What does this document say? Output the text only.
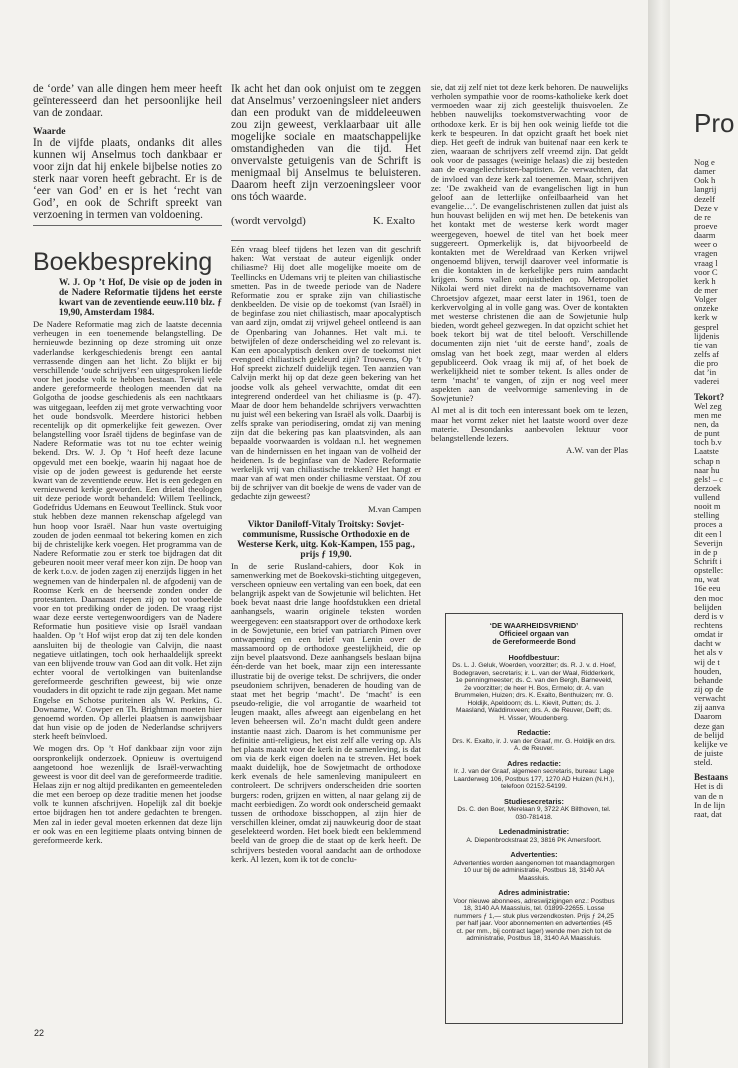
de ‘orde’ van alle dingen hem meer heeft geïnteresseerd dan het persoonlijke heil van de zondaar.

Waarde

In de vijfde plaats, ondanks dit alles kunnen wij Anselmus toch dankbaar er voor zijn dat hij enkele bijbelse noties zo sterk naar voren heeft gebracht. Er is de ‘eer van God’ en er is het ‘recht van God’, en ook de Schrift spreekt van verzoening in termen van voldoening.

Boekbespreking
W. J. Op ’t Hof, De visie op de joden in de Nadere Reformatie tijdens het eerste kwart van de zeventiende eeuw.110 blz. ƒ 19,90, Amsterdam 1984.

De Nadere Reformatie mag zich de laatste decennia verheugen in een toenemende belangstelling. De hernieuwde bezinning op deze stroming uit onze vaderlandse kerkgeschiedenis brengt een aantal verrassende dingen aan het licht. Zo blijkt er bij verschillende ‘oude schrijvers’ een uitgesproken liefde voor het joodse volk te hebben bestaan. Terwijl vele andere gereformeerde theologen meenden dat na Golgotha de joodse geschiedenis als een nachtkaars was uitgegaan, leefden zij met grote verwachting voor het oude bondsvolk. Meerdere historici hebben recentelijk op dit opmerkelijke feit gewezen. Over belangstelling voor Israël tijdens de beginfase van de Nadere Reformatie was tot nu toe echter weinig bekend. Drs. W. J. Op ’t Hof heeft deze lacune opgevuld met een boekje, waarin hij nagaat hoe de visie op de joden geweest is gedurende het eerste kwart van de zeventiende eeuw. Het is een gedegen en vernieuwend kerkje geworden. Een drietal theologen uit deze periode wordt behandeld: Willem Teellinck, Godefridus Udemans en Eeuwout Teellinck. Stuk voor stuk hebben deze mannen rekenschap afgelegd van hun hoop voor Israël. Naar hun vaste overtuiging zouden de joden eenmaal tot bekering komen en zich bij de christelijke kerk voegen. Het programma van de Nadere Reformatie zou er sterk toe bijdragen dat dit gebeuren nooit meer veraf meer kon zijn. De hoop van de kerk t.o.v. de joden zagen zij enerzijds liggen in het wegnemen van de hinderpalen nl. de afgodenij van de Roomse Kerk en de heersende zonden onder de protestanten. Daarnaast riepen zij op tot voorbeelde voor en tot prediking onder de joden. De vraag rijst waar deze eerste vertegenwoordigers van de Nadere Reformatie hun positieve visie op Israël vandaan haalden. Op ’t Hof wijst erop dat zij ten dele konden aansluiten bij de theologie van Calvijn, die naast negatieve uitlatingen, toch ook herhaaldelijk spreekt van een blijvende trouw van God aan dit volk. Het zijn echter vooral de vertolkingen van buitenlandse gereformeerde geschriften geweest, bij wie onze voudaders in dit opzicht te rade zijn gegaan. Met name Engelse en Schotse puriteinen als W. Perkins, G. Downame, W. Cowper en Th. Brightman moeten hier genoemd worden. Op allerlei plaatsen is aanwijsbaar dat hun visie op de joden de Nederlandse schrijvers sterk heeft beïnvloed.

We mogen drs. Op ’t Hof dankbaar zijn voor zijn oorspronkelijk onderzoek. Opnieuw is overtuigend aangetoond hoe wezenlijk de Israël-verwachting geweest is voor dit deel van de gereformeerde traditie. Helaas zijn er nog altijd predikanten en gemeenteleden die met een beroep op deze traditie menen het joodse volk te kunnen afschrijven. Hopelijk zal dit boekje ertoe bijdragen hen tot andere gedachten te brengen. Men zal in ieder geval moeten erkennen dat deze lijn er ook was en een legitieme plaats ontving binnen de gereformeerde kerk.

Ik acht het dan ook onjuist om te zeggen dat Anselmus’ verzoeningsleer niet anders dan een produkt van de middeleeuwen zou zijn geweest, verklaarbaar uit alle mogelijke sociale en maatschappelijke omstandigheden van die tijd. Het onvervalste getuigenis van de Schrift is menigmaal bij Anselmus te beluisteren. Daarom heeft zijn verzoeningsleer voor ons tóch waarde.

(wordt vervolgd)	K. Exalto

Eén vraag bleef tijdens het lezen van dit geschrift haken: Wat verstaat de auteur eigenlijk onder chiliasme? Hij doet alle mogelijke moeite om de Teellincks en Udemans vrij te pleiten van chiliastische smetten. Pas in de tweede periode van de Nadere Reformatie zou er sprake zijn van chiliastische denkbeelden. De visie op de toekomst (van Israël) in de beginfase zou niet chiliastisch, maar apocalyptisch van aard zijn, omdat zij vrijwel geheel ontleend is aan de Openbaring van Johannes. Het valt m.i. te betwijfelen of deze onderscheiding wel zo relevant is. Kan een apocalyptisch denken over de toekomst niet evengoed chiliastisch gekleurd zijn? Trouwens, Op ’t Hof spreekt zichzelf duidelijk tegen. Ten aanzien van Calvijn merkt hij op dat deze geen bekering van het joodse volk als geheel verwachtte, omdat dit een integrerend onderdeel van het chiliasme is (p. 47). Maar de door hem behandelde schrijvers verwachtten nu juist wél een bekering van Israël als volk. Daarbij is zelfs sprake van periodisering, omdat zij van mening zijn dat die bekering pas kan plaatsvinden, als aan bepaalde voorwaarden is voldaan n.l. het wegnemen van de hindernissen en het ingaan van de volheid der heidenen. Is de beginfase van de Nadere Reformatie werkelijk vrij van chiliastische trekken? Het hangt er maar van af wat men onder chiliasme verstaat. Of zou bij de schrijver van dit boekje de wens de vader van de gedachte zijn geweest?

M.van Campen
Viktor Daniloff-Vitaly Troitsky: Sovjet-communisme, Russische Orthodoxie en de Westerse Kerk, uitg. Kok-Kampen, 155 pag., prijs ƒ 19,90.

In de serie Rusland-cahiers, door Kok in samenwerking met de Boekovski-stichting uitgegeven, verscheen opnieuw een vertaling van een boek, dat een belangrijk aspekt van de Sowjetunie wil belichten. Het boek bevat naast drie lange hoofdstukken een drietal aanhangsels, waarin originele teksten worden weergegeven: een staatsrapport over de orthodoxe kerk in de Sowjetunie, een brief van patriarch Pimen over ontwapening en een brief van Lenin over de massamoord op de orthodoxe geestelijkheid, die op zijn bevel plaatsvond. Deze aanhangsels beslaan bijna één-derde van het boek, maar zijn een interessante illustratie bij de overige tekst. De schrijvers, die onder pseudoniem schrijven, benaderen de houding van de staat met het begrip ‘macht’. De ‘macht’ is een pseudo-religie, die vol arrogantie de waarheid tot leugen maakt, alles afweegt aan eigenbelang en het leven beheersen wil. Zo’n macht duldt geen andere instantie naast zich. Daarom is het communisme per definitie anti-religieus, het eist zelf alle vering op. Als het plaats maakt voor de kerk in de samenleving, is dat om via de kerk eigen doelen na te streven. Het boek maakt duidelijk, hoe de Sowjetmacht de orthodoxe kerk evenals de hele samenleving manipuleert en controleert. De schrijvers onderscheiden drie soorten burgers: roden, grijzen en witten, al naar gelang zij de macht eerbiedigen. Zo wordt ook onderscheid gemaakt tussen de orthodoxe bisschoppen, al zijn hier de verschillen kleiner, omdat zij nauwkeurig door de staat geselekteerd worden. Het boek biedt een beklemmend beeld van de groep die de staat op de kerk heeft. De schrijvers besteden vooral aandacht aan de orthodoxe kerk. Al lezen, kom ik tot de conclu-

sie, dat zij zelf niet tot deze kerk behoren. De nauwelijks verholen sympathie voor de rooms-katholieke kerk doet vermoeden waar zij zich geestelijk thuisvoelen. Ze hebben nauwelijks toekomstverwachting voor de orthodoxe kerk. Er is bij hen ook weinig liefde tot die kerk te bespeuren. In dat opzicht graaft het boek niet diep. Het geeft de indruk van buitenaf naar een kerk te zien, waaraan de schrijvers zelf vreemd zijn. Dat geldt ook voor de passages (weinige helaas) die zij besteden aan de evangeliechristen-baptisten. Ze verwachten, dat de invloed van deze kerk zal toenemen. Maar, schrijven ze: ‘De zwakheid van de evangelischen ligt in hun geloof aan de letterlijke onfeilbaarheid van het evangelie…’. De evangelischristenen zullen dat juist als hun houvast belijden en wij met hen. De betekenis van het kontakt met de westerse kerk wordt mager weergegeven, hoewel de titel van het boek meer suggereert. Opmerkelijk is, dat bijvoorbeeld de kontakten met de Wereldraad van Kerken vrijwel ongenoemd blijven, terwijl daarover veel informatie is en die kontakten in de kerkelijke pers ruim aandacht krijgen. Soms vallen onjuistheden op. Metropoliet Nikolai werd niet direkt na de machtsovername van Chroetsjov afgezet, maar eerst later in 1961, toen de kerkvervolging al in volle gang was. Over de kontakten met westerse christenen die aan de Sowjetunie hulp bieden, wordt geheel gezwegen. In dat opzicht schiet het boek tekort bij wat de titel belooft. Verschillende documenten zijn niet ‘uit de eerste hand’, zoals de omslag van het boek zegt, maar werden al elders gepubliceerd. Ook vraag ik mij af, of het boek de werkelijkheid niet te somber tekent. Is alles onder de term ‘macht’ te vangen, of zijn er nog veel meer aspekten aan de veelvormige samenleving in de Sowjetunie?

Al met al is dit toch een interessant boek om te lezen, maar het vormt zeker niet het laatste woord over deze materie. Desondanks aanbevolen lektuur voor belangstellende lezers.

A.W. van der Plas
‘DE WAARHEIDSVRIEND’
Officieel orgaan van
de Gereformeerde Bond
Hoofdbestuur:
Ds. L. J. Geluk, Woerden, voorzitter; ds. R. J. v. d. Hoef, Bodegraven, secretaris; ir. L. van der Waal, Ridderkerk, 1e penningmeester; ds. C. van den Bergh, Barneveld, 2e voorzitter; de heer H. Bos, Ermelo; dr. A. van Brummelen, Huizen; drs. K. Exalto, Benthuizen; mr. G. Holdijk, Apeldoorn; ds. L. Kievit, Putten; ds. J. Maasland, Waddinxveen; drs. A. de Reuver, Delft; ds. H. Visser, Woudenberg.
Redactie:
Drs. K. Exalto, ir. J. van der Graaf, mr. G. Holdijk en drs. A. de Reuver.
Adres redactie:
Ir. J. van der Graaf, algemeen secretaris, bureau: Lage Laarderweg 106, Postbus 177, 1270 AD Huizen (N.H.), telefoon 02152-54199.
Studiesecretaris:
Ds. C. den Boer, Merelaan 9, 3722 AK Bilthoven, tel. 030-781418.
Ledenadministratie:
A. Diepenbrockstraat 23, 3816 PK Amersfoort.
Advertenties:
Advertenties worden aangenomen tot maandagmorgen 10 uur bij de administratie, Postbus 18, 3140 AA Maassluis.
Adres administratie:
Voor nieuwe abonnees, adreswijzigingen enz.: Postbus 18, 3140 AA Maassluis, tel. 01899-22655. Losse nummers ƒ 1,— stuk plus verzendkosten. Prijs ƒ 24,25 per half jaar. Voor abonnementen en advertenties (45 ct. per mm., bij contract lager) wende men zich tot de administratie, Postbus 18, 3140 AA Maassluis.
22
Pro
Nog e
damer
Ook h
langrij
dezelf
Deze v
de re
proeve
daarm
weer o
vragen
vraag l
voor C
kerk h
de mer
Volger
onzeke
kerk w
gesprel
lijdenis
tie van
zelfs af
die pro
dat ’in
vaderei
Tekort?
Wel zeg
men me
nen, da
de punt
toch b.v
Laatste
schap n
naar hu
gels! – c
derzoek
vullend
nooit m
stelling
proces a
dit een l
Severijn
in de p
Schrift i
opstelle:
nu, wat
16e eeu
den moc
belijden
derd is v
rechtens
omdat ir
dacht w
het als v
wij de t
houden,
behande
zij op de
verwacht
zij aanva
Daarom
deze gan
de belijd
kelijke ve
de juiste
steld.
Bestaans
Het is di
van de n
In de lijn
raat, dat
